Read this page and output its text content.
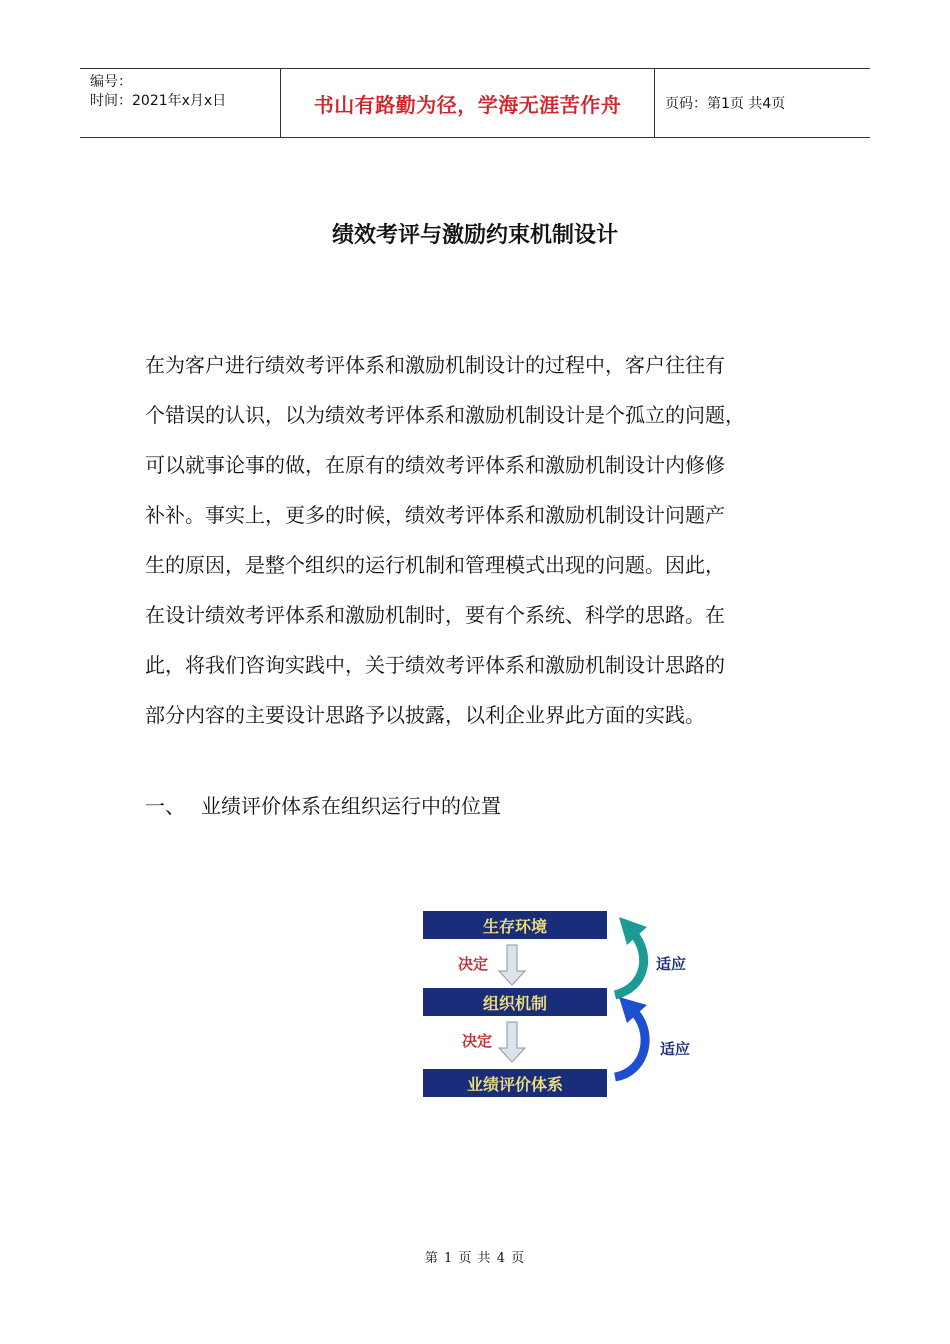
编号：
时间：2021年x月x日	书山有路勤为径，学海无涯苦作舟	页码：第1页 共4页
绩效考评与激励约束机制设计
在为客户进行绩效考评体系和激励机制设计的过程中，客户往往有
个错误的认识，以为绩效考评体系和激励机制设计是个孤立的问题，
可以就事论事的做，在原有的绩效考评体系和激励机制设计内修修
补补。事实上，更多的时候，绩效考评体系和激励机制设计问题产
生的原因，是整个组织的运行机制和管理模式出现的问题。因此，
在设计绩效考评体系和激励机制时，要有个系统、科学的思路。在
此，将我们咨询实践中，关于绩效考评体系和激励机制设计思路的
部分内容的主要设计思路予以披露，以利企业界此方面的实践。
一、 业绩评价体系在组织运行中的位置
生存环境
组织机制
业绩评价体系
决定
决定
适应
适应
第 1 页 共 4 页
